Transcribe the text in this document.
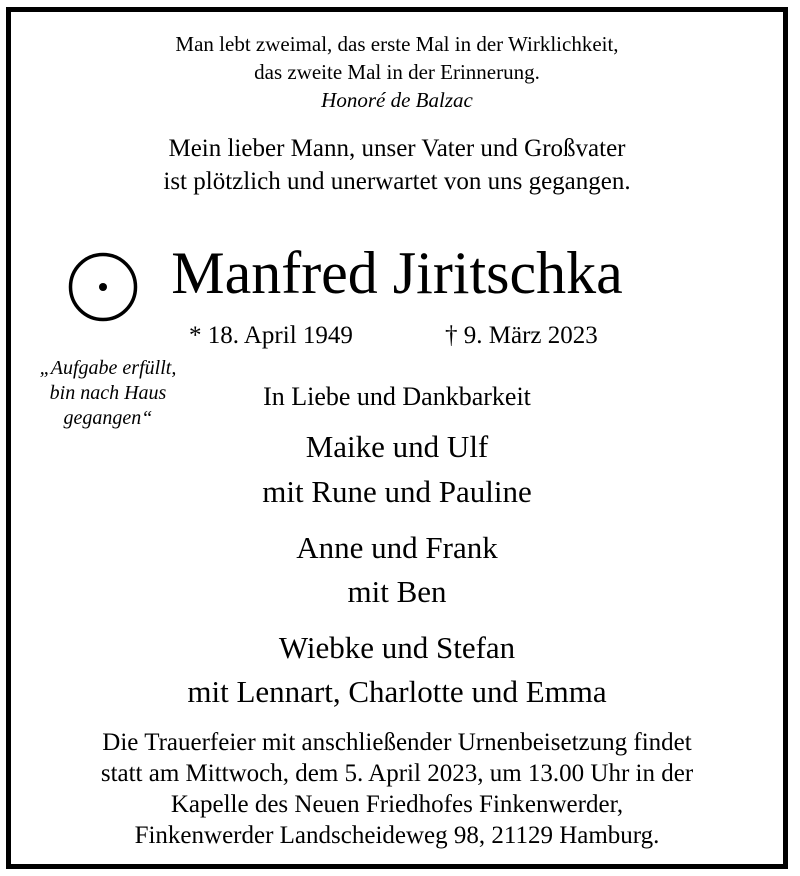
Man lebt zweimal, das erste Mal in der Wirklichkeit,
das zweite Mal in der Erinnerung.
Honoré de Balzac
Mein lieber Mann, unser Vater und Großvater
ist plötzlich und unerwartet von uns gegangen.
Manfred Jiritschka
* 18. April 1949	† 9. März 2023
„Aufgabe erfüllt,
bin nach Haus
gegangen“
In Liebe und Dankbarkeit
Maike und Ulf
mit Rune und Pauline
Anne und Frank
mit Ben
Wiebke und Stefan
mit Lennart, Charlotte und Emma
Die Trauerfeier mit anschließender Urnenbeisetzung findet
statt am Mittwoch, dem 5. April 2023, um 13.00 Uhr in der
Kapelle des Neuen Friedhofes Finkenwerder,
Finkenwerder Landscheideweg 98, 21129 Hamburg.
